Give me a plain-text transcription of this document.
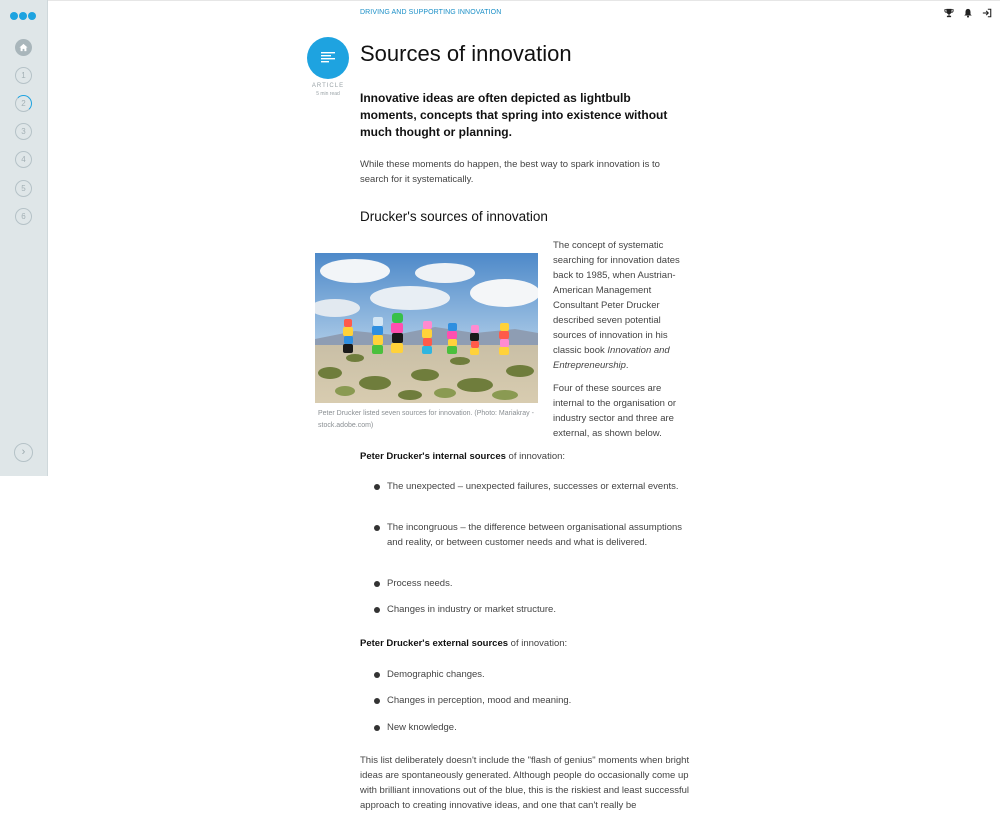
1
2
3
4
5
6
›
DRIVING AND SUPPORTING INNOVATION
ARTICLE
5 min read
Sources of innovation

Innovative ideas are often depicted as lightbulb moments, concepts that spring into existence without much thought or planning.

While these moments do happen, the best way to spark innovation is to search for it systematically.

Drucker's sources of innovation

Peter Drucker listed seven sources for innovation. (Photo: Mariakray - stock.adobe.com)

The concept of systematic searching for innovation dates back to 1985, when Austrian-American Management Consultant Peter Drucker described seven potential sources of innovation in his classic book Innovation and Entrepreneurship.

Four of these sources are internal to the organisation or industry sector and three are external, as shown below.

Peter Drucker's internal sources of innovation:

The unexpected – unexpected failures, successes or external events.
The incongruous – the difference between organisational assumptions and reality, or between customer needs and what is delivered.
Process needs.
Changes in industry or market structure.

Peter Drucker's external sources of innovation:

Demographic changes.
Changes in perception, mood and meaning.
New knowledge.

This list deliberately doesn't include the "flash of genius" moments when bright ideas are spontaneously generated. Although people do occasionally come up with brilliant innovations out of the blue, this is the riskiest and least successful approach to creating innovative ideas, and one that can't really be
